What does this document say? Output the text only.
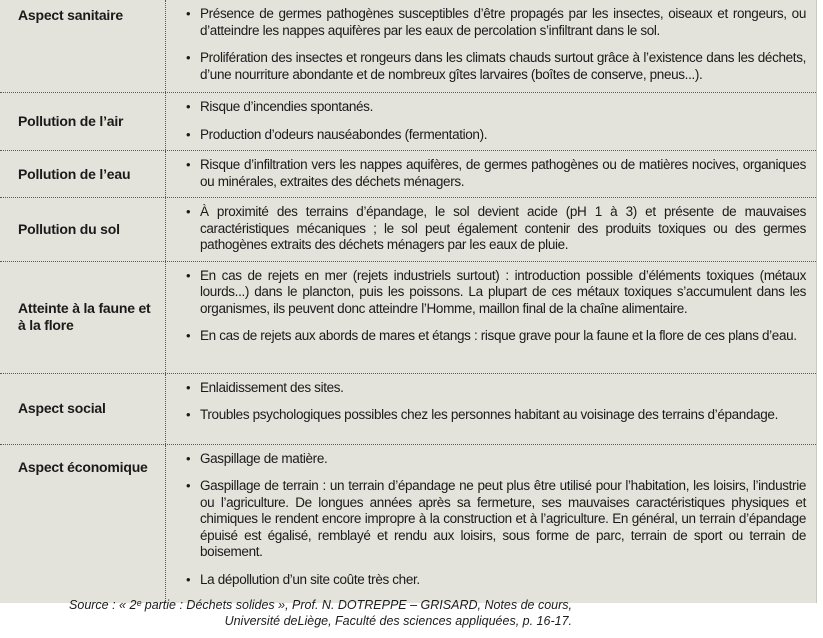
Aspect sanitaire	• Présence de germes pathogènes susceptibles d’être propagés par les insectes, oiseaux et rongeurs, ou d’atteindre les nappes aquifères par les eaux de percolation s’infiltrant dans le sol.
• Prolifération des insectes et rongeurs dans les climats chauds surtout grâce à l’existence dans les déchets, d’une nourriture abondante et de nombreux gîtes larvaires (boîtes de conserve, pneus...).
Pollution de l’air
• Risque d’incendies spontanés.
• Production d’odeurs nauséabondes (fermentation).
Pollution de l’eau
• Risque d’infiltration vers les nappes aquifères, de germes pathogènes ou de matières nocives, organiques ou minérales, extraites des déchets ménagers.
Pollution du sol
• À proximité des terrains d’épandage, le sol devient acide (pH 1 à 3) et présente de mauvaises caractéristiques mécaniques ; le sol peut également contenir des produits toxiques ou des germes pathogènes extraits des déchets ménagers par les eaux de pluie.
Atteinte à la faune et à la flore
• En cas de rejets en mer (rejets industriels surtout) : introduction possible d’éléments toxiques (métaux lourds...) dans le plancton, puis les poissons. La plupart de ces métaux toxiques s’accumulent dans les organismes, ils peuvent donc atteindre l’Homme, maillon final de la chaîne alimentaire.
• En cas de rejets aux abords de mares et étangs : risque grave pour la faune et la flore de ces plans d’eau.
Aspect social
• Enlaidissement des sites.
• Troubles psychologiques possibles chez les personnes habitant au voisinage des terrains d’épandage.
Aspect économique
• Gaspillage de matière.
• Gaspillage de terrain : un terrain d’épandage ne peut plus être utilisé pour l’habitation, les loisirs, l’industrie ou l’agriculture. De longues années après sa fermeture, ses mauvaises caractéristiques physiques et chimiques le rendent encore impropre à la construction et à l’agriculture. En général, un terrain d’épandage épuisé est égalisé, remblayé et rendu aux loisirs, sous forme de parc, terrain de sport ou terrain de boisement.
• La dépollution d’un site coûte très cher.
Source : « 2ᵉ partie : Déchets solides », Prof. N. DOTREPPE – GRISARD, Notes de cours,
Université deLiège, Faculté des sciences appliquées, p. 16-17.
